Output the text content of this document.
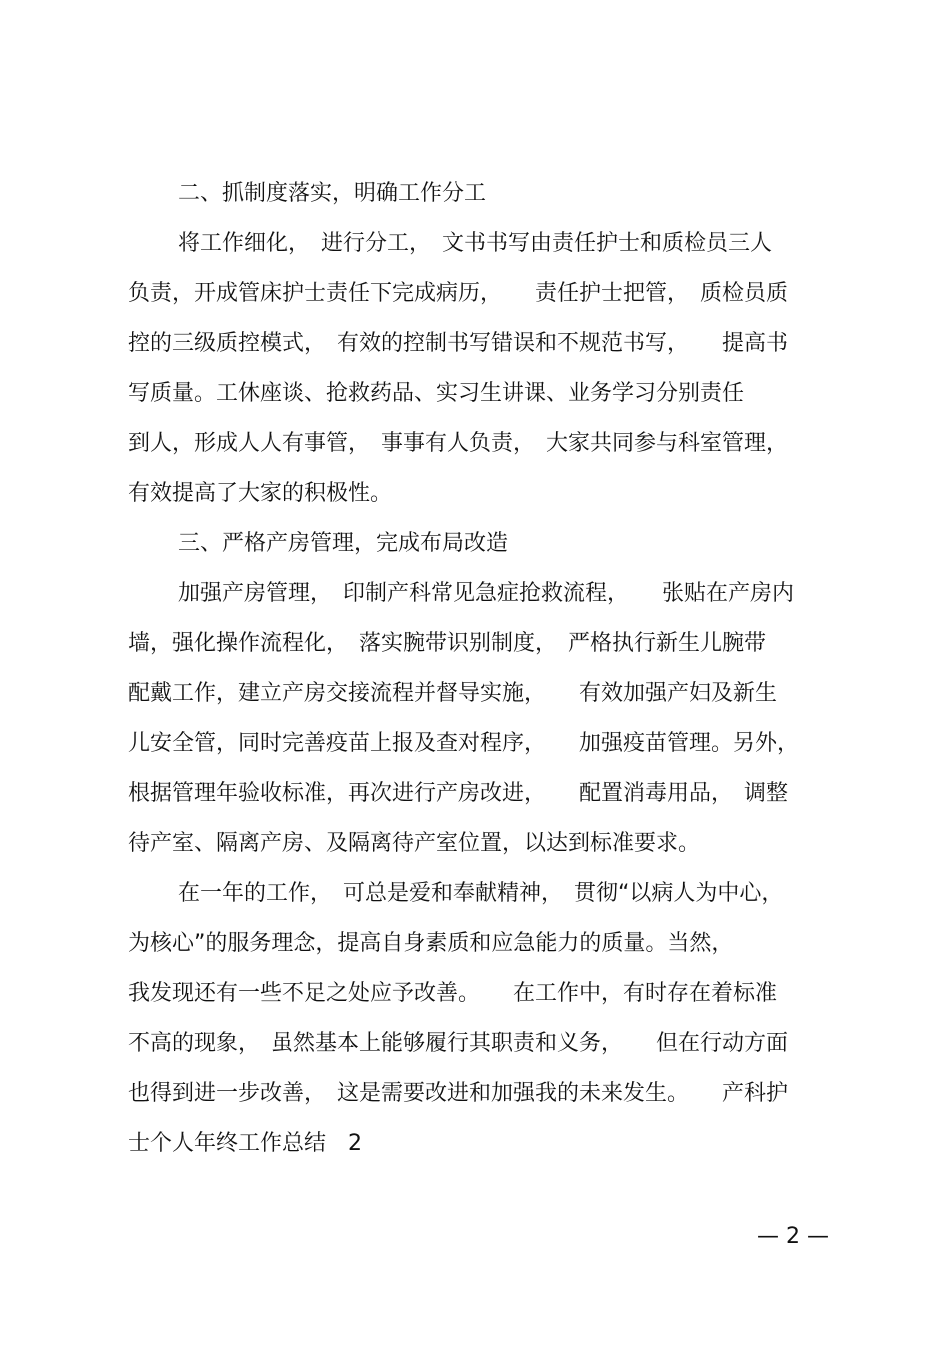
二、抓制度落实，明确工作分工
将工作细化，　进行分工，　文书书写由责任护士和质检员三人
负责，开成管床护士责任下完成病历，　　责任护士把管，　质检员质
控的三级质控模式，　有效的控制书写错误和不规范书写，　　提高书
写质量。工休座谈、抢救药品、实习生讲课、业务学习分别责任
到人，形成人人有事管，　事事有人负责，　大家共同参与科室管理，
有效提高了大家的积极性。
三、严格产房管理，完成布局改造
加强产房管理，　印制产科常见急症抢救流程，　　张贴在产房内
墙，强化操作流程化，　落实腕带识别制度，　严格执行新生儿腕带
配戴工作，建立产房交接流程并督导实施，　　有效加强产妇及新生
儿安全管，同时完善疫苗上报及查对程序，　　加强疫苗管理。另外，
根据管理年验收标准，再次进行产房改进，　　配置消毒用品，　调整
待产室、隔离产房、及隔离待产室位置，以达到标准要求。
在一年的工作，　可总是爱和奉献精神，　贯彻“以病人为中心，
为核心”的服务理念，提高自身素质和应急能力的质量。当然，
我发现还有一些不足之处应予改善。　　在工作中，有时存在着标准
不高的现象，　虽然基本上能够履行其职责和义务，　　但在行动方面
也得到进一步改善，　这是需要改进和加强我的未来发生。　　产科护
士个人年终工作总结　2
— 2 —
